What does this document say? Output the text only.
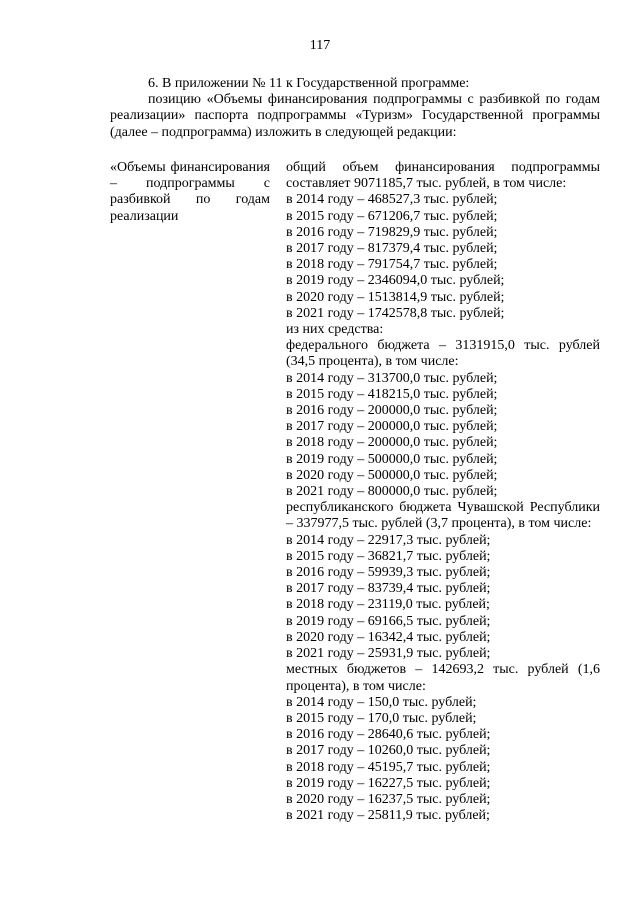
117

6. В приложении № 11 к Государственной программе:

позицию «Объемы финансирования подпрограммы с разбивкой по годам реализации» паспорта подпрограммы «Туризм» Государственной программы (далее – подпрограмма) изложить в следующей редакции:

«Объемы финансирования – подпрограммы с разбивкой по годам реализации
общий объем финансирования подпрограммы составляет 9071185,7 тыс. рублей, в том числе:
в 2014 году – 468527,3 тыс. рублей;
в 2015 году – 671206,7 тыс. рублей;
в 2016 году – 719829,9 тыс. рублей;
в 2017 году – 817379,4 тыс. рублей;
в 2018 году – 791754,7 тыс. рублей;
в 2019 году – 2346094,0 тыс. рублей;
в 2020 году – 1513814,9 тыс. рублей;
в 2021 году – 1742578,8 тыс. рублей;
из них средства:
федерального бюджета – 3131915,0 тыс. рублей (34,5 процента), в том числе:
в 2014 году – 313700,0 тыс. рублей;
в 2015 году – 418215,0 тыс. рублей;
в 2016 году – 200000,0 тыс. рублей;
в 2017 году – 200000,0 тыс. рублей;
в 2018 году – 200000,0 тыс. рублей;
в 2019 году – 500000,0 тыс. рублей;
в 2020 году – 500000,0 тыс. рублей;
в 2021 году – 800000,0 тыс. рублей;
республиканского бюджета Чувашской Республики – 337977,5 тыс. рублей (3,7 процента), в том числе:
в 2014 году – 22917,3 тыс. рублей;
в 2015 году – 36821,7 тыс. рублей;
в 2016 году – 59939,3 тыс. рублей;
в 2017 году – 83739,4 тыс. рублей;
в 2018 году – 23119,0 тыс. рублей;
в 2019 году – 69166,5 тыс. рублей;
в 2020 году – 16342,4 тыс. рублей;
в 2021 году – 25931,9 тыс. рублей;
местных бюджетов – 142693,2 тыс. рублей (1,6 процента), в том числе:
в 2014 году – 150,0 тыс. рублей;
в 2015 году – 170,0 тыс. рублей;
в 2016 году – 28640,6 тыс. рублей;
в 2017 году – 10260,0 тыс. рублей;
в 2018 году – 45195,7 тыс. рублей;
в 2019 году – 16227,5 тыс. рублей;
в 2020 году – 16237,5 тыс. рублей;
в 2021 году – 25811,9 тыс. рублей;
